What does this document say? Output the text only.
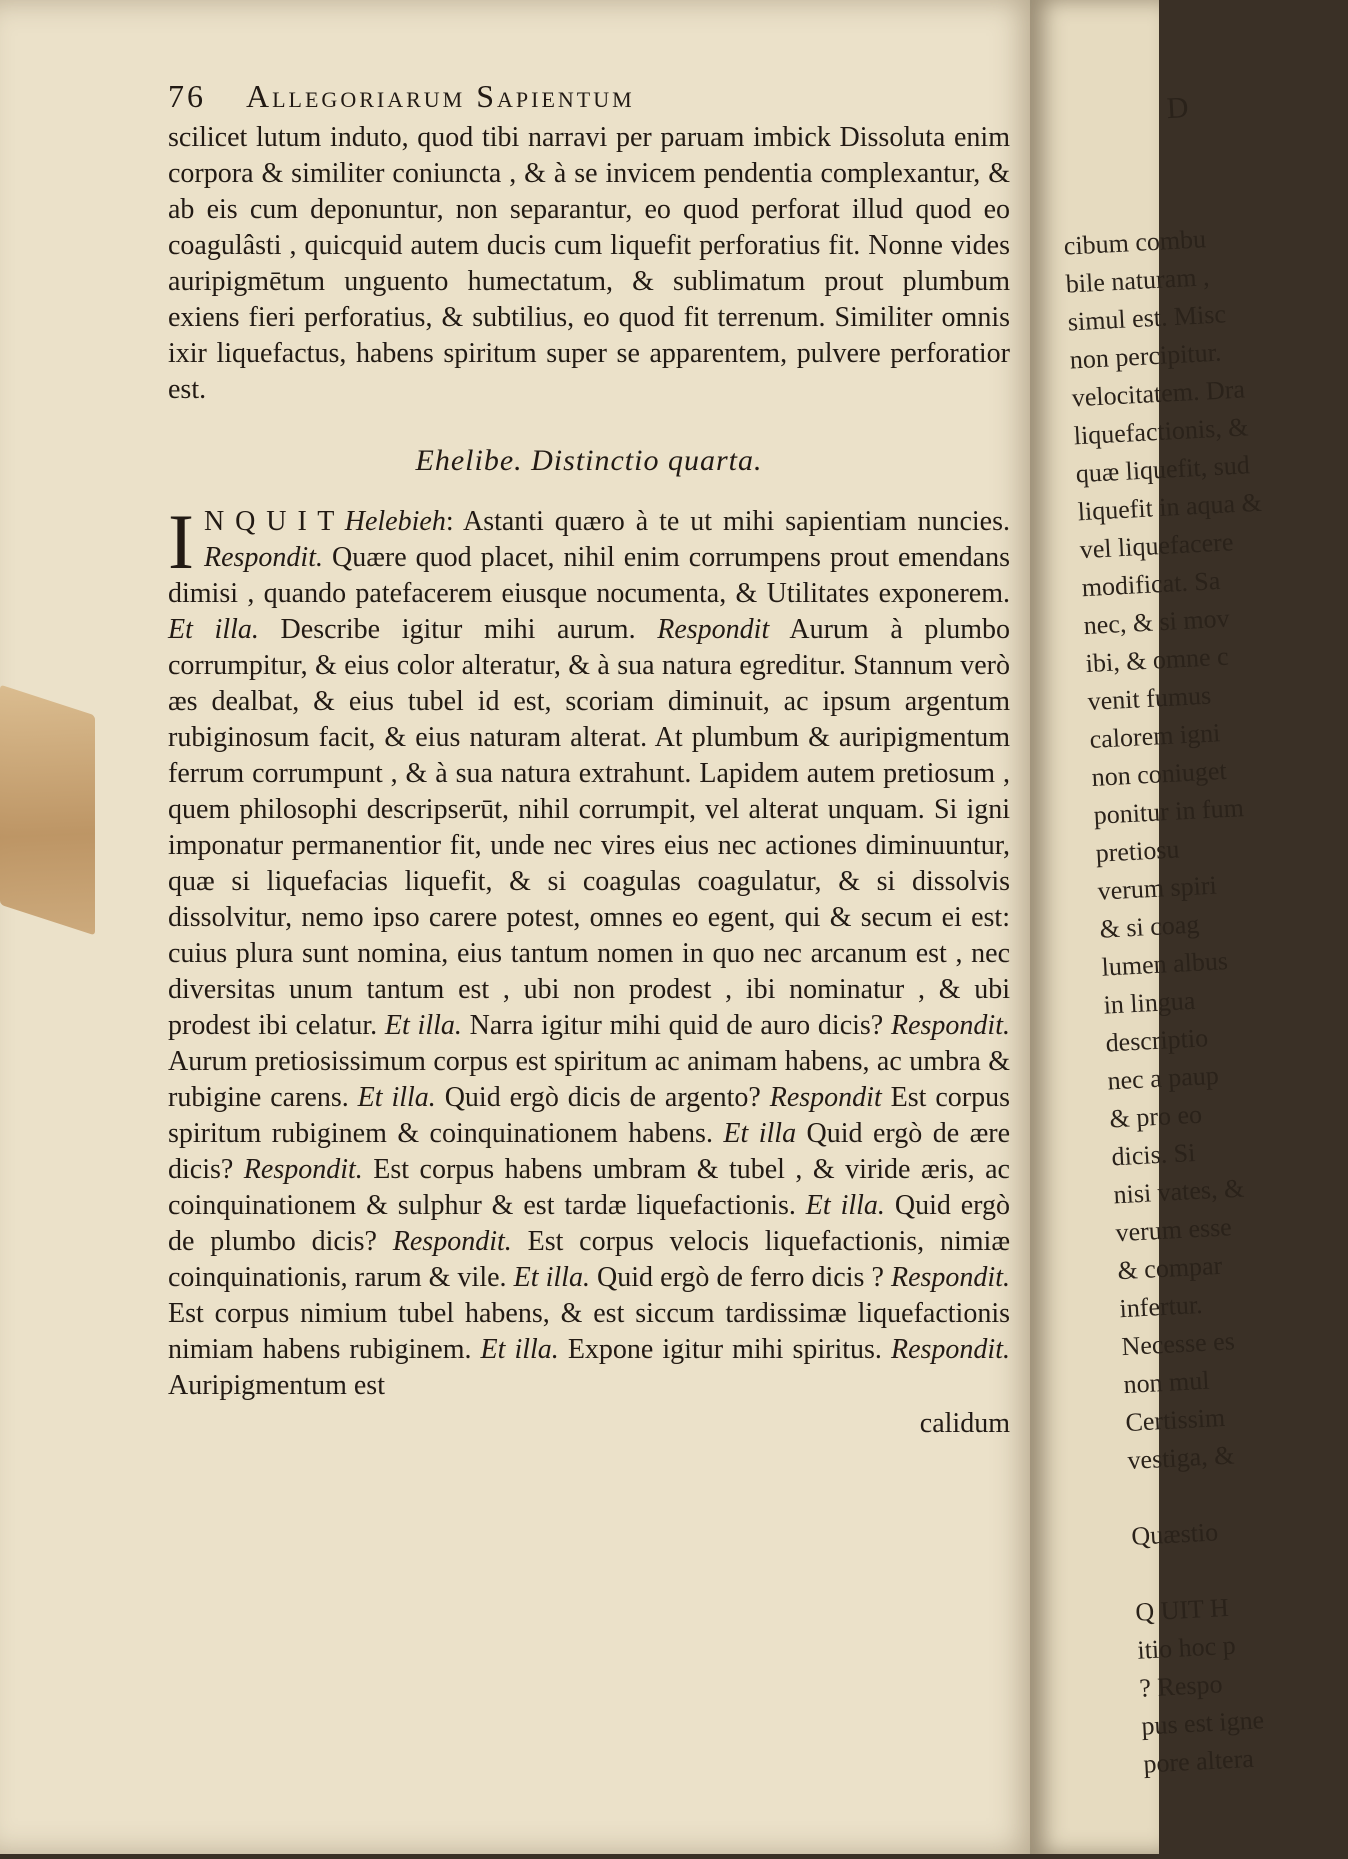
D

cibum combu
bile naturam ,
simul est. Misc
non percipitur.
velocitatem. Dra
liquefactionis, &
quæ liquefit, sud
liquefit in aqua &
vel liquefacere
modificat. Sa
nec, & si mov
ibi, & omne c
venit fumus
calorem igni
non coniuget
ponitur in fum
pretiosu
verum spiri
& si coag
lumen albus
in lingua
descriptio
nec a paup
& pro eo
dicis. Si
nisi vates, &
verum esse
& compar
infertur.
Necesse es
non mul
Certissim
vestiga, &

Quæstio

Q UIT H
itio hoc p
? Respo
pus est igne
pore altera

76 Allegoriarum Sapientum

scilicet lutum induto, quod tibi narravi per paruam imbick Dissoluta enim corpora & similiter coniuncta , & à se invicem pendentia complexantur, & ab eis cum deponuntur, non separantur, eo quod perforat illud quod eo coagulâsti , quicquid autem ducis cum liquefit perforatius fit. Nonne vides auripigmētum unguento humectatum, & sublimatum prout plumbum exiens fieri perforatius, & subtilius, eo quod fit terrenum. Similiter omnis ixir liquefactus, habens spiritum super se apparentem, pulvere perforatior est.

Ehelibe. Distinctio quarta.

I N Q U I T Helebieh: Astanti quæro à te ut mihi sapientiam nuncies. Respondit. Quære quod placet, nihil enim corrumpens prout emendans dimisi , quando patefacerem eiusque nocumenta, & Utilitates exponerem. Et illa. Describe igitur mihi aurum. Respondit Aurum à plumbo corrumpitur, & eius color alteratur, & à sua natura egreditur. Stannum verò æs dealbat, & eius tubel id est, scoriam diminuit, ac ipsum argentum rubiginosum facit, & eius naturam alterat. At plumbum & auripigmentum ferrum corrumpunt , & à sua natura extrahunt. Lapidem autem pretiosum , quem philosophi descripserūt, nihil corrumpit, vel alterat unquam. Si igni imponatur permanentior fit, unde nec vires eius nec actiones diminuuntur, quæ si liquefacias liquefit, & si coagulas coagulatur, & si dissolvis dissolvitur, nemo ipso carere potest, omnes eo egent, qui & secum ei est: cuius plura sunt nomina, eius tantum nomen in quo nec arcanum est , nec diversitas unum tantum est , ubi non prodest , ibi nominatur , & ubi prodest ibi celatur. Et illa. Narra igitur mihi quid de auro dicis? Respondit. Aurum pretiosissimum corpus est spiritum ac animam habens, ac umbra & rubigine carens. Et illa. Quid ergò dicis de argento? Respondit Est corpus spiritum rubiginem & coinquinationem habens. Et illa Quid ergò de ære dicis? Respondit. Est corpus habens umbram & tubel , & viride æris, ac coinquinationem & sulphur & est tardæ liquefactionis. Et illa. Quid ergò de plumbo dicis? Respondit. Est corpus velocis liquefactionis, nimiæ coinquinationis, rarum & vile. Et illa. Quid ergò de ferro dicis ? Respondit. Est corpus nimium tubel habens, & est siccum tardissimæ liquefactionis nimiam habens rubiginem. Et illa. Expone igitur mihi spiritus. Respondit. Auripigmentum est

calidum
